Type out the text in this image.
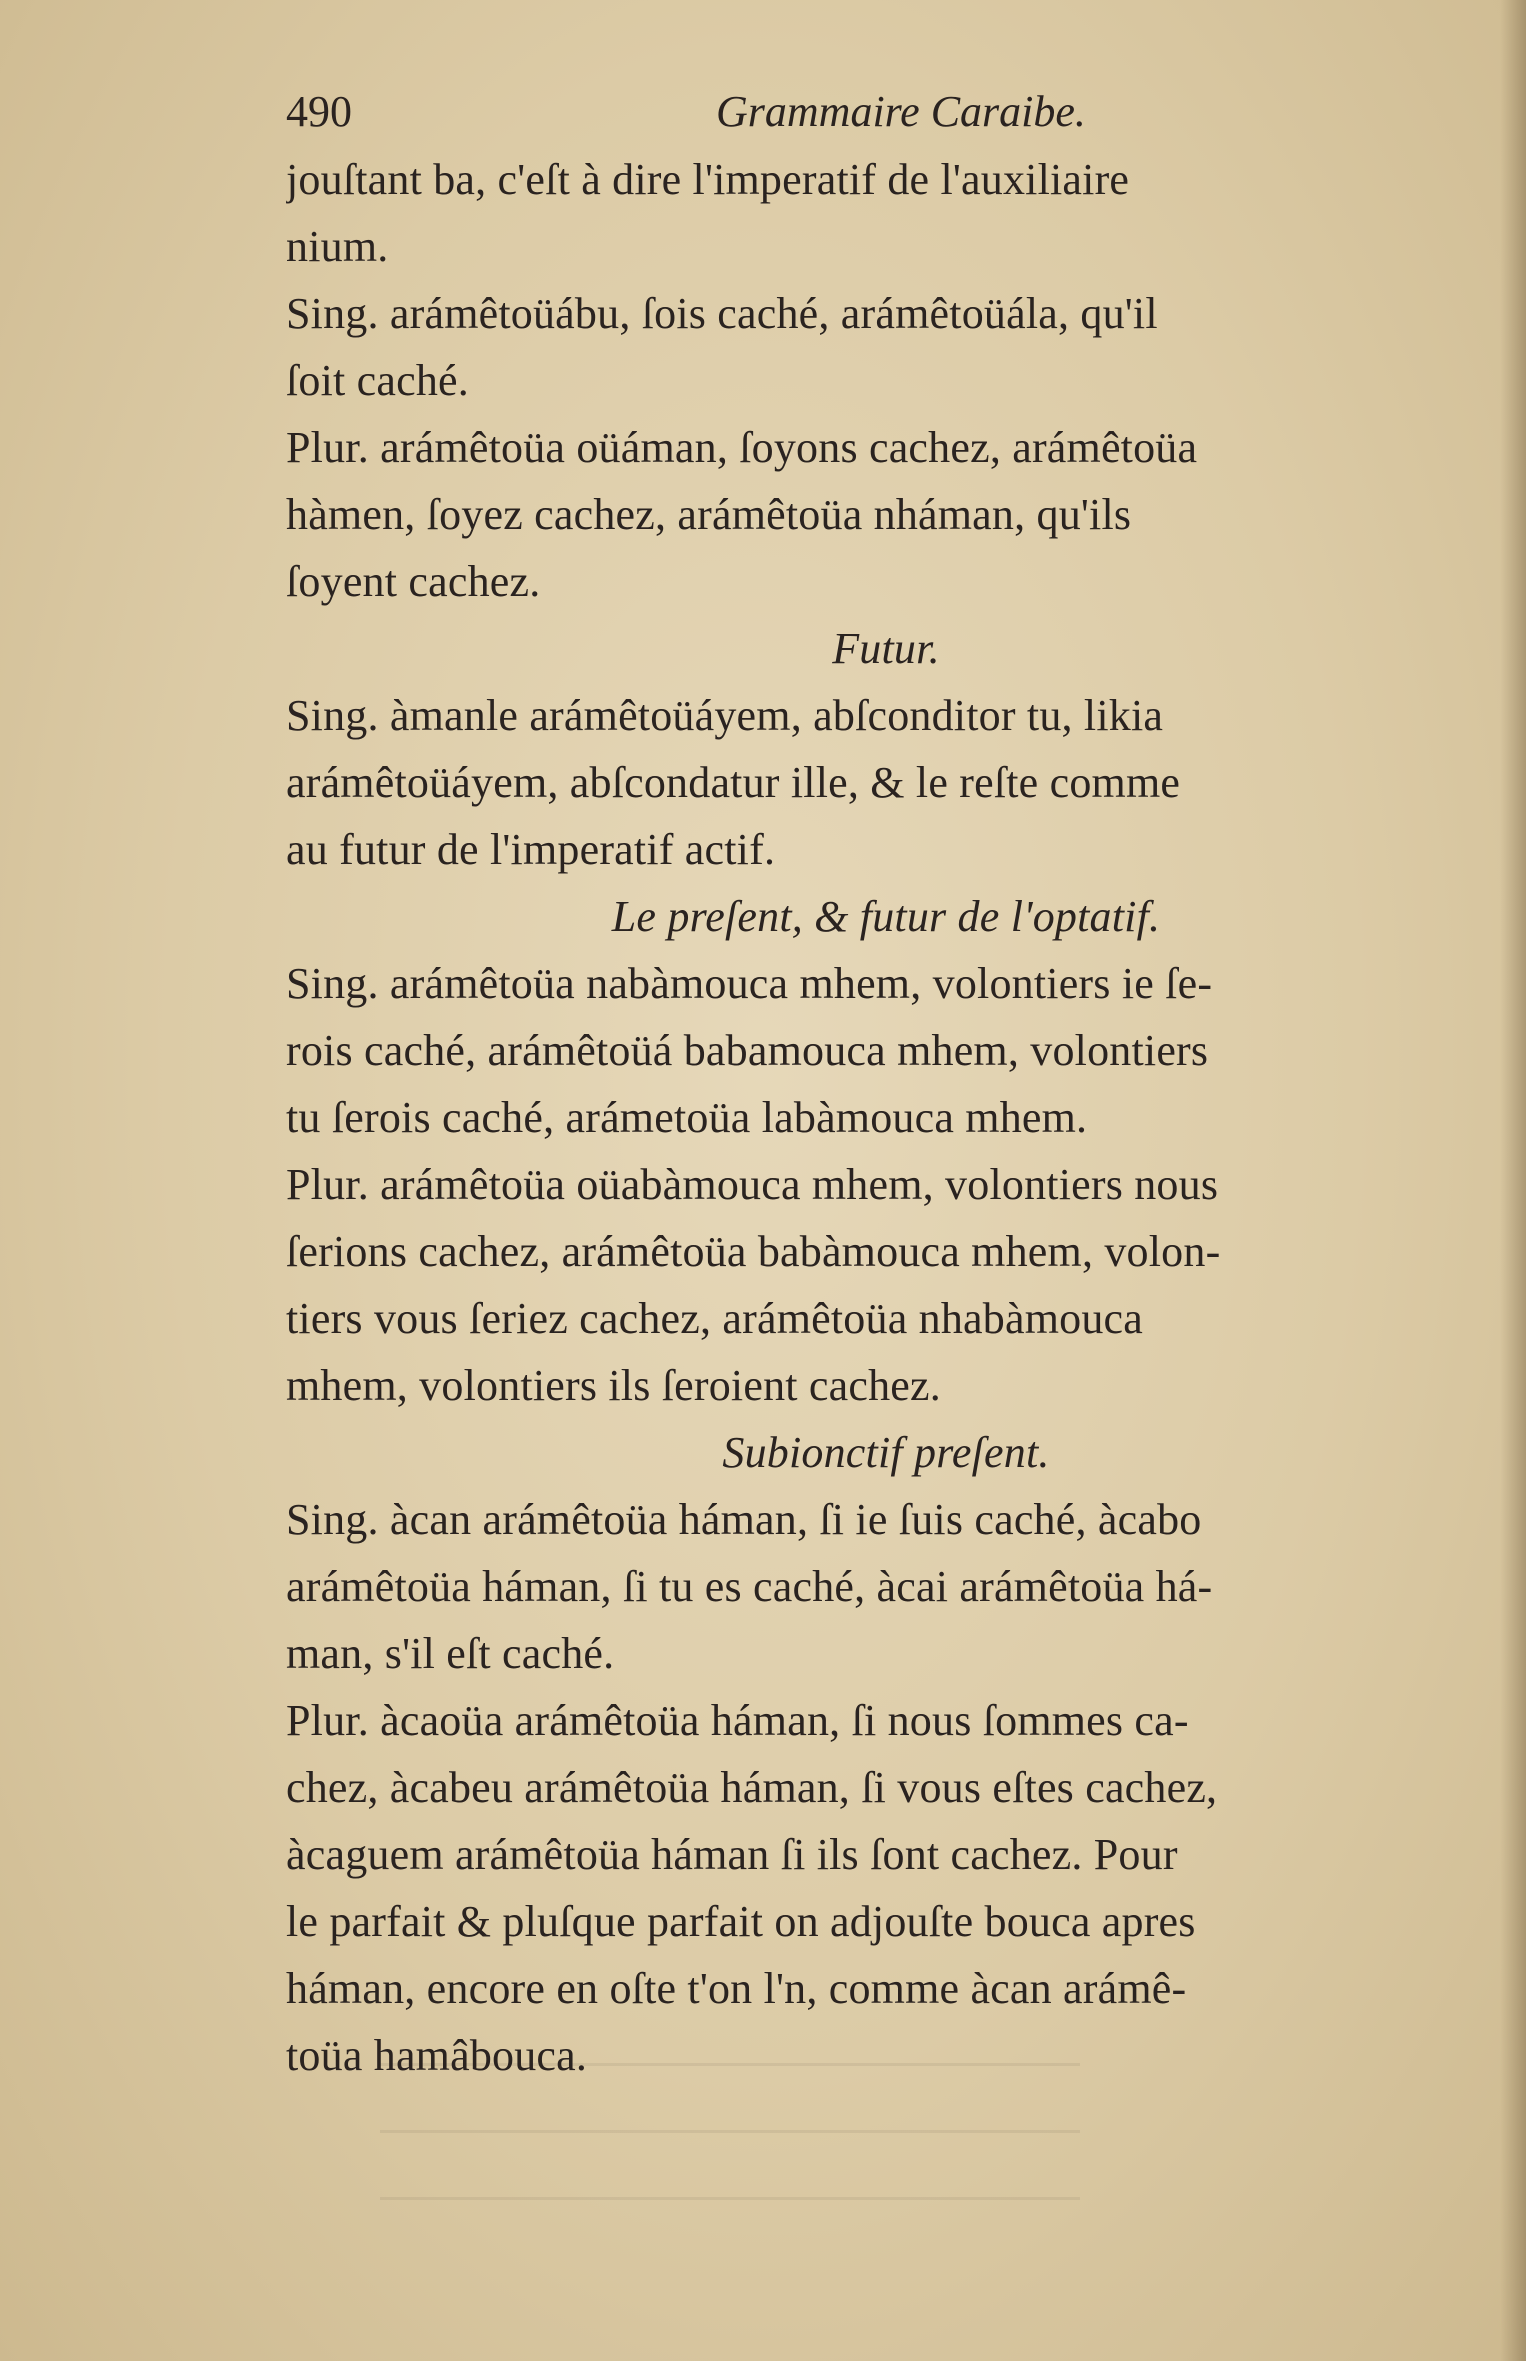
490	Grammaire Caraibe.
jouſtant ba, c'eſt à dire l'imperatif de l'auxiliaire
nium.
Sing. arámêtoüábu, ſois caché, arámêtoüála, qu'il
ſoit caché.
Plur. arámêtoüa oüáman, ſoyons cachez, arámêtoüa
hàmen, ſoyez cachez, arámêtoüa nháman, qu'ils
ſoyent cachez.
Futur.
Sing. àmanle arámêtoüáyem, abſconditor tu, likia
arámêtoüáyem, abſcondatur ille, & le reſte comme
au futur de l'imperatif actif.
Le preſent, & futur de l'optatif.
Sing. arámêtoüa nabàmouca mhem, volontiers ie ſe-
rois caché, arámêtoüá babamouca mhem, volontiers
tu ſerois caché, arámetoüa labàmouca mhem.
Plur. arámêtoüa oüabàmouca mhem, volontiers nous
ſerions cachez, arámêtoüa babàmouca mhem, volon-
tiers vous ſeriez cachez, arámêtoüa nhabàmouca
mhem, volontiers ils ſeroient cachez.
Subionctif preſent.
Sing. àcan arámêtoüa háman, ſi ie ſuis caché, àcabo
arámêtoüa háman, ſi tu es caché, àcai arámêtoüa há-
man, s'il eſt caché.
Plur. àcaoüa arámêtoüa háman, ſi nous ſommes ca-
chez, àcabeu arámêtoüa háman, ſi vous eſtes cachez,
àcaguem arámêtoüa háman ſi ils ſont cachez. Pour
le parfait & pluſque parfait on adjouſte bouca apres
háman, encore en oſte t'on l'n, comme àcan arámê-
toüa hamâbouca.
